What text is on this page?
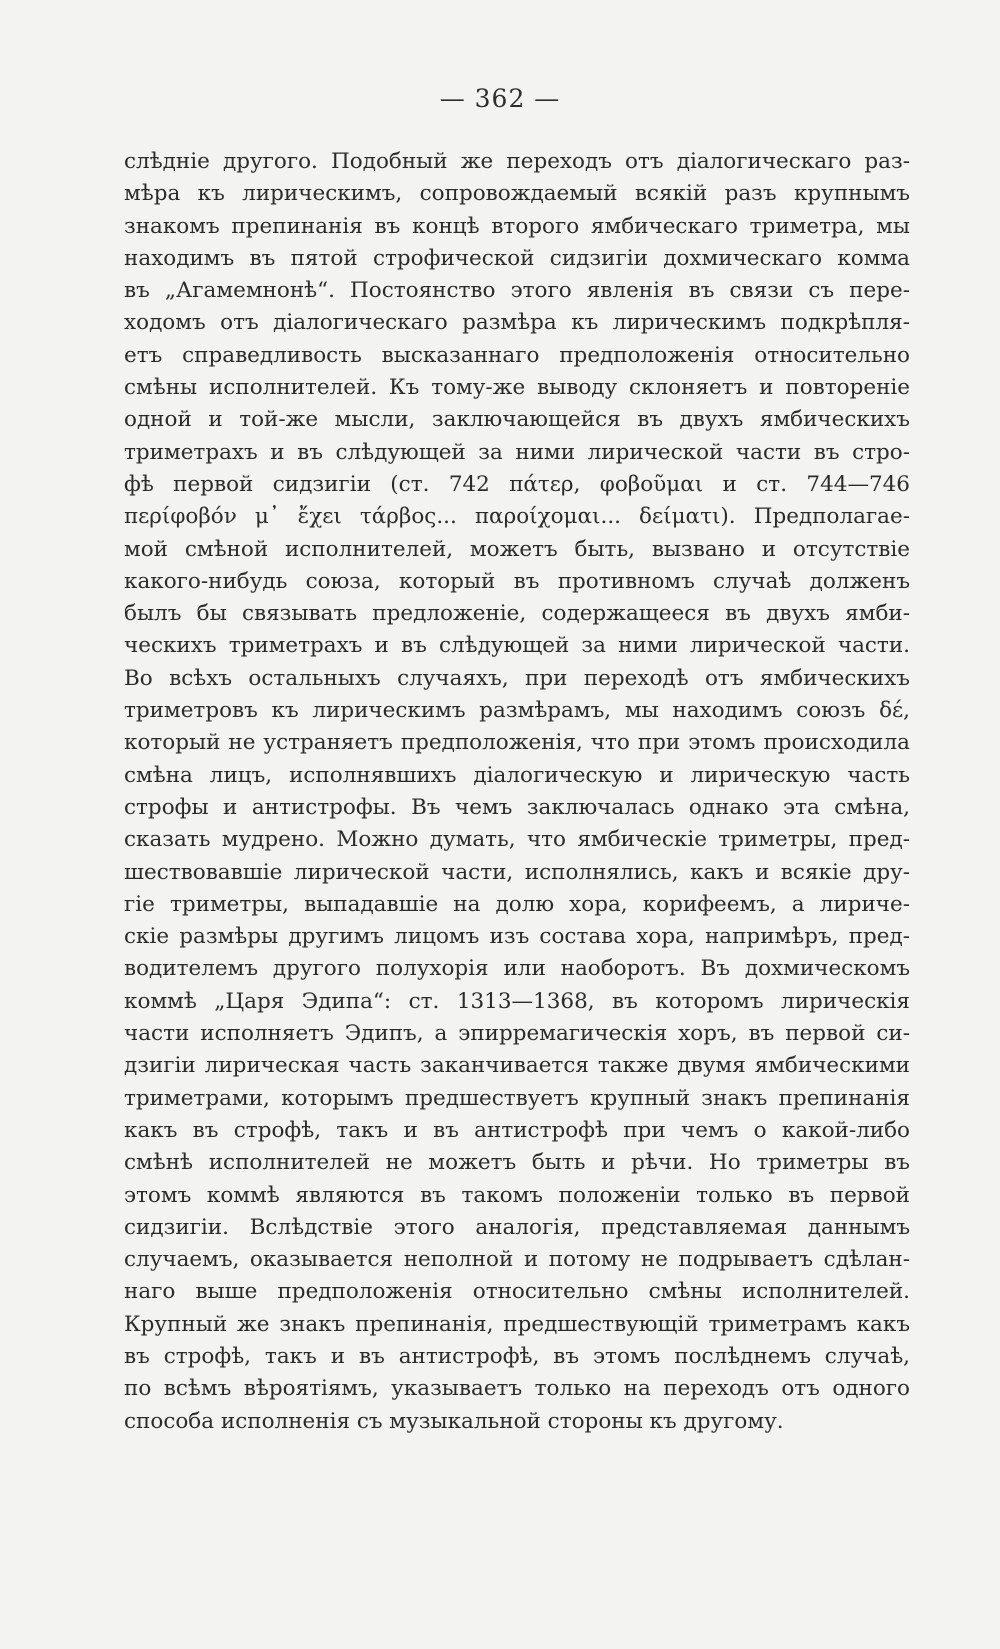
— 362 —
слѣдніе другого. Подобный же переходъ отъ діалогическаго раз-
мѣра къ лирическимъ, сопровождаемый всякій разъ крупнымъ
знакомъ препинанія въ концѣ второго ямбическаго триметра, мы
находимъ въ пятой строфической сидзигіи дохмическаго комма
въ „Агамемнонѣ“. Постоянство этого явленія въ связи съ пере-
ходомъ отъ діалогическаго размѣра къ лирическимъ подкрѣпля-
етъ справедливость высказаннаго предположенія относительно
смѣны исполнителей. Къ тому-же выводу склоняетъ и повтореніе
одной и той-же мысли, заключающейся въ двухъ ямбическихъ
триметрахъ и въ слѣдующей за ними лирической части въ стро-
фѣ первой сидзигіи (ст. 742 πάτερ, φοβοῦμαι и ст. 744—746
περίφοβόν μ᾽ ἔχει τάρβος... παροίχομαι... δείματι). Предполагае-
мой смѣной исполнителей, можетъ быть, вызвано и отсутствіе
какого-нибудь союза, который въ противномъ случаѣ долженъ
былъ бы связывать предложеніе, содержащееся въ двухъ ямби-
ческихъ триметрахъ и въ слѣдующей за ними лирической части.
Во всѣхъ остальныхъ случаяхъ, при переходѣ отъ ямбическихъ
триметровъ къ лирическимъ размѣрамъ, мы находимъ союзъ δέ,
который не устраняетъ предположенія, что при этомъ происходила
смѣна лицъ, исполнявшихъ діалогическую и лирическую часть
строфы и антистрофы. Въ чемъ заключалась однако эта смѣна,
сказать мудрено. Можно думать, что ямбическіе триметры, пред-
шествовавшіе лирической части, исполнялись, какъ и всякіе дру-
гіе триметры, выпадавшіе на долю хора, корифеемъ, а лириче-
скіе размѣры другимъ лицомъ изъ состава хора, напримѣръ, пред-
водителемъ другого полухорія или наоборотъ. Въ дохмическомъ
коммѣ „Царя Эдипа“: ст. 1313—1368, въ которомъ лирическія
части исполняетъ Эдипъ, а эпирремагическія хоръ, въ первой си-
дзигіи лирическая часть заканчивается также двумя ямбическими
триметрами, которымъ предшествуетъ крупный знакъ препинанія
какъ въ строфѣ, такъ и въ антистрофѣ при чемъ о какой-либо
смѣнѣ исполнителей не можетъ быть и рѣчи. Но триметры въ
этомъ коммѣ являются въ такомъ положеніи только въ первой
сидзигіи. Вслѣдствіе этого аналогія, представляемая даннымъ
случаемъ, оказывается неполной и потому не подрываетъ сдѣлан-
наго выше предположенія относительно смѣны исполнителей.
Крупный же знакъ препинанія, предшествующій триметрамъ какъ
въ строфѣ, такъ и въ антистрофѣ, въ этомъ послѣднемъ случаѣ,
по всѣмъ вѣроятіямъ, указываетъ только на переходъ отъ одного
способа исполненія съ музыкальной стороны къ другому.
